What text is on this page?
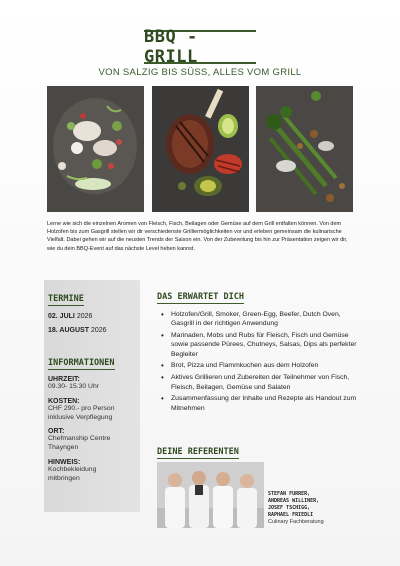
BBQ - GRILL
VON SALZIG BIS SÜSS, ALLES VOM GRILL
Lerne wie sich die einzelnen Aromen von Fleisch, Fisch, Beilagen oder Gemüse auf dem Grill entfalten können. Von dem Holzofen bis zum Gasgrill stellen wir dir verschiedenste Grilliermöglichkeiten vor und erleben gemeinsam die kulinarische Vielfalt. Dabei gehen wir auf die neusten Trends der Saison ein. Von der Zubereitung bis hin zur Präsentation zeigen wir dir, wie du dein BBQ-Event auf das nächste Level heben kannst.
TERMINE
02. JULI 2026
18. AUGUST 2026
INFORMATIONEN
UHRZEIT:
09.30- 15.30 Uhr
KOSTEN:
CHF 290.- pro Person
inklusive Verpflegung
ORT:
Chefmanship Centre
Thayngen
HINWEIS:
Kochbekleidung
mitbringen
DAS ERWARTET DICH
• Holzofen/Grill, Smoker, Green-Egg, Beefer, Dutch Oven, Gasgrill in der richtigen Anwendung
• Marinaden, Mobs und Rubs für Fleisch, Fisch und Gemüse sowie passende Pürees, Chutneys, Salsas, Dips als perfekter Begleiter
• Brot, Pizza und Flammkuchen aus dem Holzofen
• Aktives Grillieren und Zubereiten der Teilnehmer von Fisch, Fleisch, Beilagen, Gemüse und Salaten
• Zusammenfassung der Inhalte und Rezepte als Handout zum Mitnehmen
DEINE REFERENTEN
STEFAN FURRER,
ANDREAS WILLINER,
JOSEF TSCHIGG,
RAPHAEL FRIEDLI
Culinary Fachberatung
